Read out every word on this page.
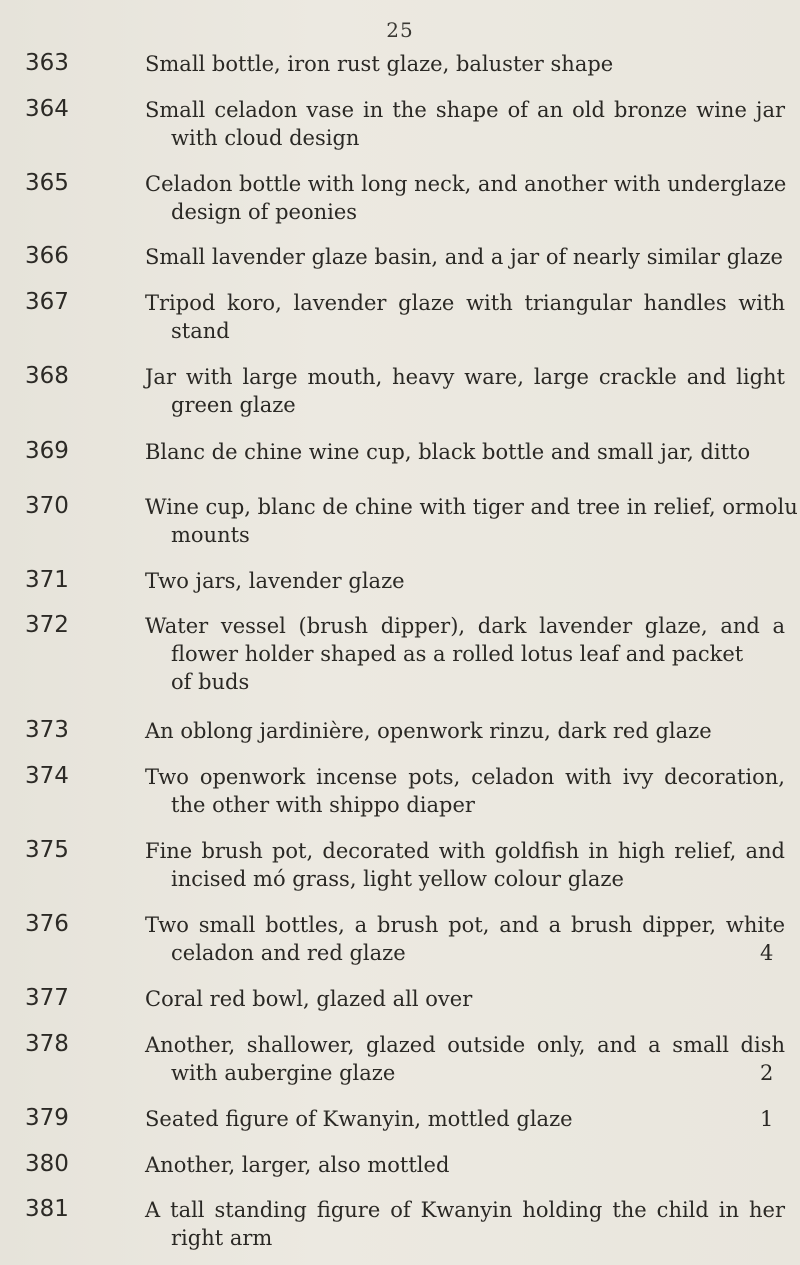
25
363	Small bottle, iron rust glaze, baluster shape
364	Small celadon vase in the shape of an old bronze wine jar
with cloud design
365	Celadon bottle with long neck, and another with underglaze
design of peonies
366	Small lavender glaze basin, and a jar of nearly similar glaze
367	Tripod koro, lavender glaze with triangular handles with
stand
368	Jar with large mouth, heavy ware, large crackle and light
green glaze
369	Blanc de chine wine cup, black bottle and small jar, ditto
370	Wine cup, blanc de chine with tiger and tree in relief, ormolu
mounts
371	Two jars, lavender glaze
372	Water vessel (brush dipper), dark lavender glaze, and a
flower holder shaped as a rolled lotus leaf and packet
of buds
373	An oblong jardinière, openwork rinzu, dark red glaze
374	Two openwork incense pots, celadon with ivy decoration,
the other with shippo diaper
375	Fine brush pot, decorated with goldfish in high relief, and
incised mó grass, light yellow colour glaze
376	Two small bottles, a brush pot, and a brush dipper, white
celadon and red glaze	4
377	Coral red bowl, glazed all over
378	Another, shallower, glazed outside only, and a small dish
with aubergine glaze	2
379	Seated figure of Kwanyin, mottled glaze	1
380	Another, larger, also mottled
381	A tall standing figure of Kwanyin holding the child in her
right arm
